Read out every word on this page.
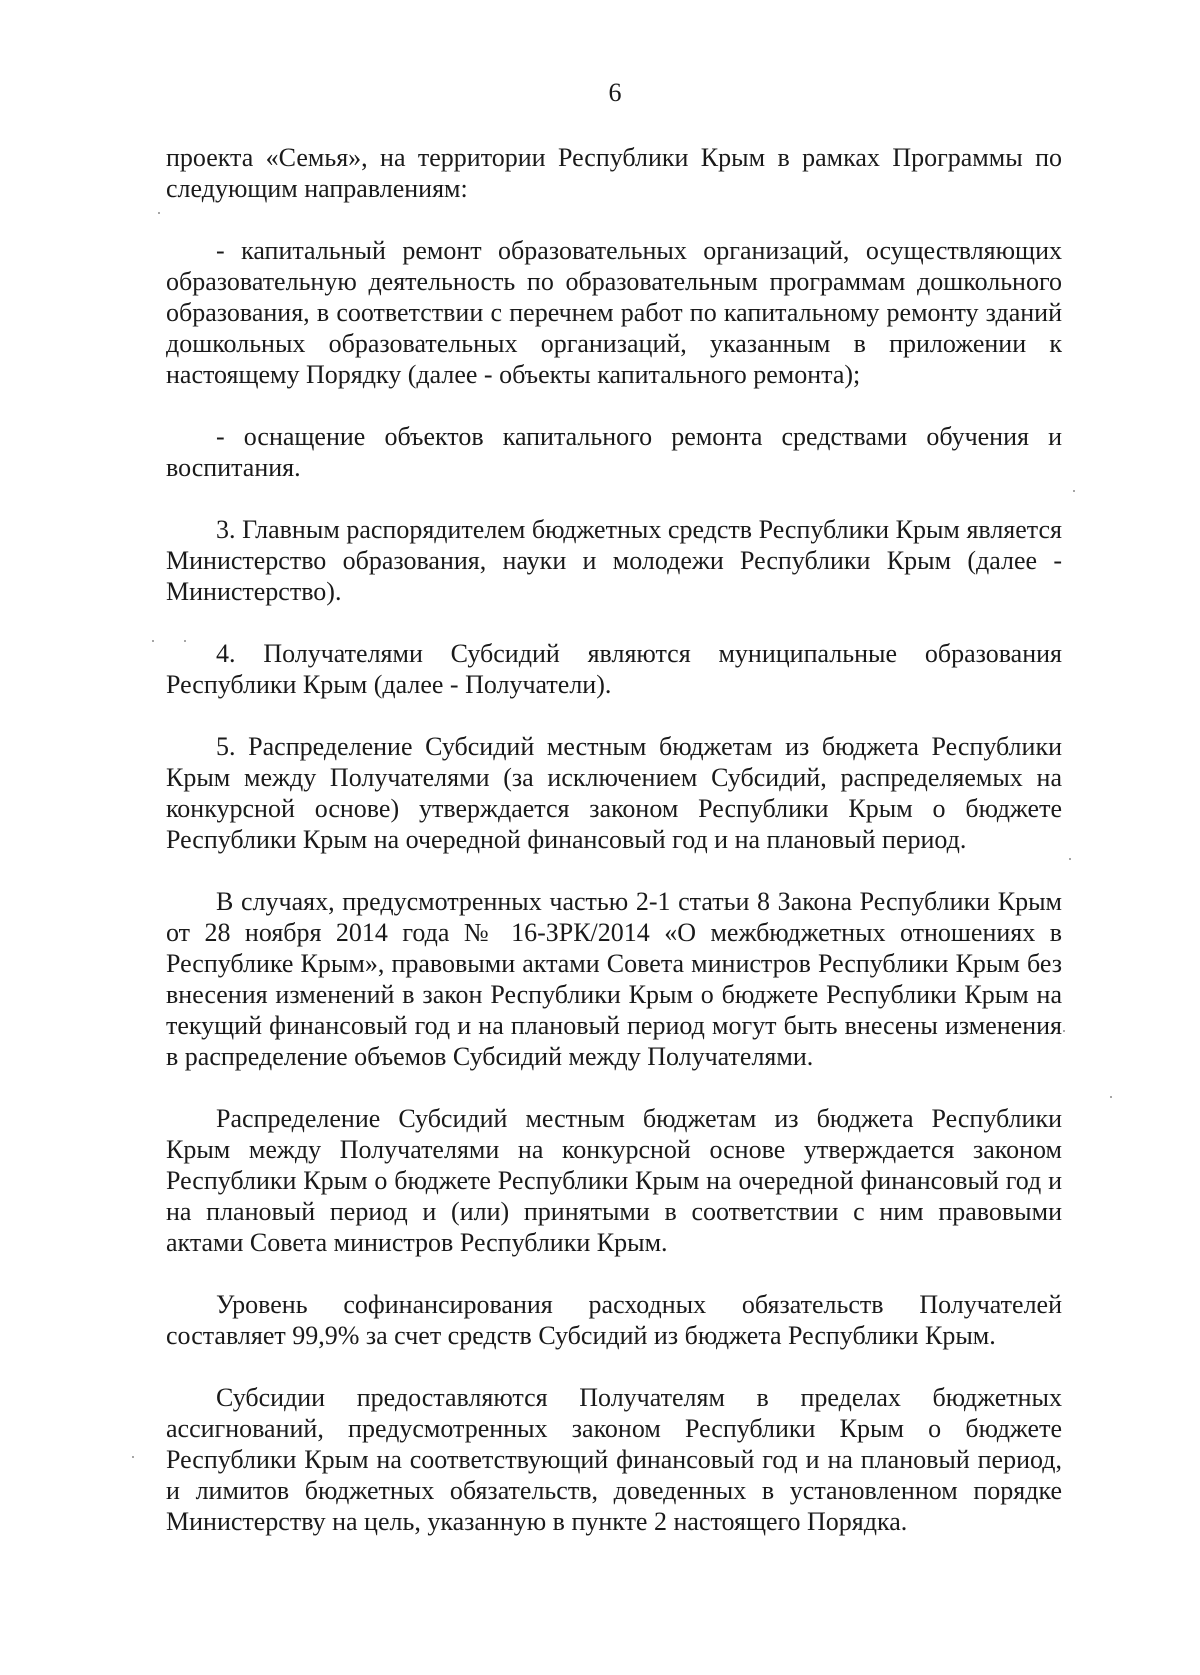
6

проекта «Семья», на территории Республики Крым в рамках Программы по следующим направлениям:

- капитальный ремонт образовательных организаций, осуществляющих образовательную деятельность по образовательным программам дошкольного образования, в соответствии с перечнем работ по капитальному ремонту зданий дошкольных образовательных организаций, указанным в приложении к настоящему Порядку (далее - объекты капитального ремонта);

- оснащение объектов капитального ремонта средствами обучения и воспитания.

3. Главным распорядителем бюджетных средств Республики Крым является Министерство образования, науки и молодежи Республики Крым (далее - Министерство).

4. Получателями Субсидий являются муниципальные образования Республики Крым (далее - Получатели).

5. Распределение Субсидий местным бюджетам из бюджета Республики Крым между Получателями (за исключением Субсидий, распределяемых на конкурсной основе) утверждается законом Республики Крым о бюджете Республики Крым на очередной финансовый год и на плановый период.

В случаях, предусмотренных частью 2-1 статьи 8 Закона Республики Крым от 28 ноября 2014 года № 16-ЗРК/2014 «О межбюджетных отношениях в Республике Крым», правовыми актами Совета министров Республики Крым без внесения изменений в закон Республики Крым о бюджете Республики Крым на текущий финансовый год и на плановый период могут быть внесены изменения в распределение объемов Субсидий между Получателями.

Распределение Субсидий местным бюджетам из бюджета Республики Крым между Получателями на конкурсной основе утверждается законом Республики Крым о бюджете Республики Крым на очередной финансовый год и на плановый период и (или) принятыми в соответствии с ним правовыми актами Совета министров Республики Крым.

Уровень софинансирования расходных обязательств Получателей составляет 99,9% за счет средств Субсидий из бюджета Республики Крым.

Субсидии предоставляются Получателям в пределах бюджетных ассигнований, предусмотренных законом Республики Крым о бюджете Республики Крым на соответствующий финансовый год и на плановый период, и лимитов бюджетных обязательств, доведенных в установленном порядке Министерству на цель, указанную в пункте 2 настоящего Порядка.
